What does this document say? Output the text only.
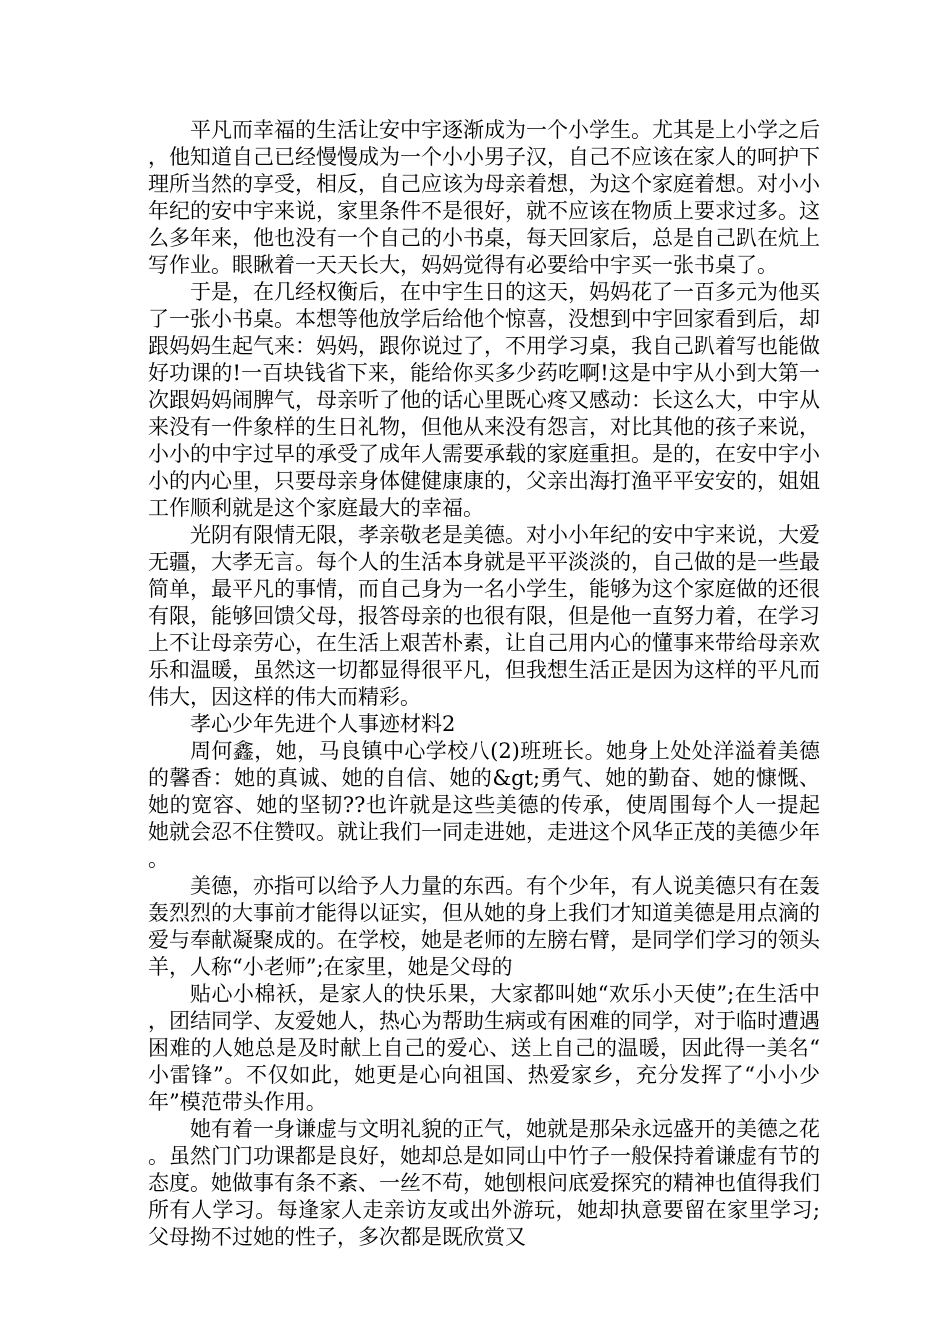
平凡而幸福的生活让安中宇逐渐成为一个小学生。尤其是上小学之后，他知道自己已经慢慢成为一个小小男子汉，自己不应该在家人的呵护下理所当然的享受，相反，自己应该为母亲着想，为这个家庭着想。对小小年纪的安中宇来说，家里条件不是很好，就不应该在物质上要求过多。这么多年来，他也没有一个自己的小书桌，每天回家后，总是自己趴在炕上写作业。眼瞅着一天天长大，妈妈觉得有必要给中宇买一张书桌了。

于是，在几经权衡后，在中宇生日的这天，妈妈花了一百多元为他买了一张小书桌。本想等他放学后给他个惊喜，没想到中宇回家看到后，却跟妈妈生起气来：妈妈，跟你说过了，不用学习桌，我自己趴着写也能做好功课的!一百块钱省下来，能给你买多少药吃啊!这是中宇从小到大第一次跟妈妈闹脾气，母亲听了他的话心里既心疼又感动：长这么大，中宇从来没有一件象样的生日礼物，但他从来没有怨言，对比其他的孩子来说，小小的中宇过早的承受了成年人需要承载的家庭重担。是的，在安中宇小小的内心里，只要母亲身体健健康康的，父亲出海打渔平平安安的，姐姐工作顺利就是这个家庭最大的幸福。

光阴有限情无限，孝亲敬老是美德。对小小年纪的安中宇来说，大爱无疆，大孝无言。每个人的生活本身就是平平淡淡的，自己做的是一些最简单，最平凡的事情，而自己身为一名小学生，能够为这个家庭做的还很有限，能够回馈父母，报答母亲的也很有限，但是他一直努力着，在学习上不让母亲劳心，在生活上艰苦朴素，让自己用内心的懂事来带给母亲欢乐和温暖，虽然这一切都显得很平凡，但我想生活正是因为这样的平凡而伟大，因这样的伟大而精彩。

孝心少年先进个人事迹材料2

周何鑫，她，马良镇中心学校八(2)班班长。她身上处处洋溢着美德的馨香：她的真诚、她的自信、她的&gt;勇气、她的勤奋、她的慷慨、她的宽容、她的坚韧??也许就是这些美德的传承，使周围每个人一提起她就会忍不住赞叹。就让我们一同走进她，走进这个风华正茂的美德少年。

美德，亦指可以给予人力量的东西。有个少年，有人说美德只有在轰轰烈烈的大事前才能得以证实，但从她的身上我们才知道美德是用点滴的爱与奉献凝聚成的。在学校，她是老师的左膀右臂，是同学们学习的领头羊，人称“小老师”;在家里，她是父母的

贴心小棉袄，是家人的快乐果，大家都叫她“欢乐小天使”;在生活中，团结同学、友爱她人，热心为帮助生病或有困难的同学，对于临时遭遇困难的人她总是及时献上自己的爱心、送上自己的温暖，因此得一美名“小雷锋”。不仅如此，她更是心向祖国、热爱家乡，充分发挥了“小小少年”模范带头作用。

她有着一身谦虚与文明礼貌的正气，她就是那朵永远盛开的美德之花。虽然门门功课都是良好，她却总是如同山中竹子一般保持着谦虚有节的态度。她做事有条不紊、一丝不苟，她刨根问底爱探究的精神也值得我们所有人学习。每逢家人走亲访友或出外游玩，她却执意要留在家里学习;父母拗不过她的性子，多次都是既欣赏又
